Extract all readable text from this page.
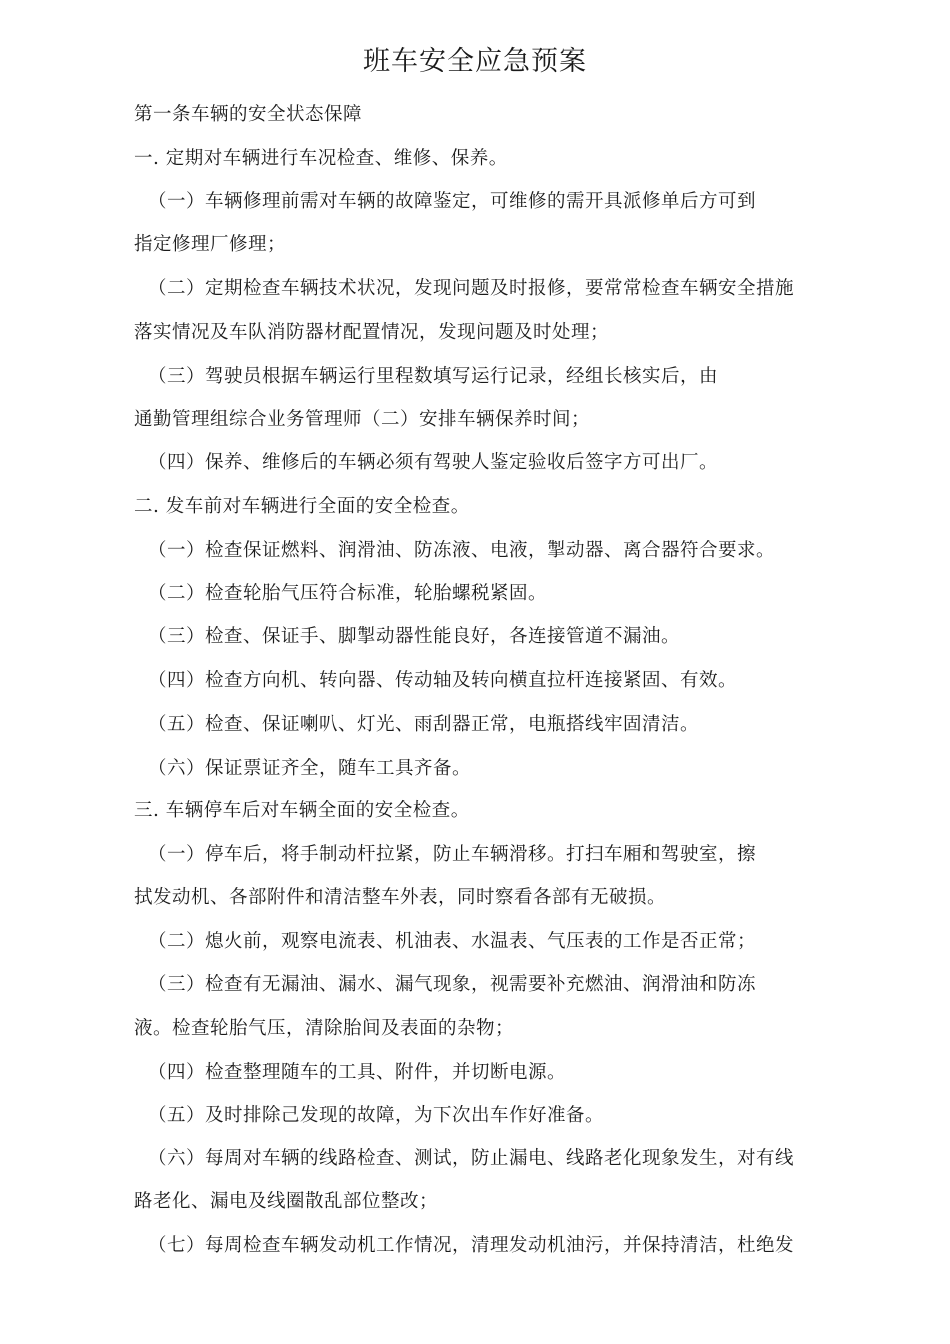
班车安全应急预案
第一条车辆的安全状态保障
一. 定期对车辆进行车况检查、维修、保养。
（一）车辆修理前需对车辆的故障鉴定，可维修的需开具派修单后方可到
指定修理厂修理；
（二）定期检查车辆技术状况，发现问题及时报修，要常常检查车辆安全措施
落实情况及车队消防器材配置情况，发现问题及时处理；
（三）驾驶员根据车辆运行里程数填写运行记录，经组长核实后，由
通勤管理组综合业务管理师（二）安排车辆保养时间；
（四）保养、维修后的车辆必须有驾驶人鉴定验收后签字方可出厂。
二. 发车前对车辆进行全面的安全检查。
（一）检查保证燃料、润滑油、防冻液、电液，掣动器、离合器符合要求。
（二）检查轮胎气压符合标准，轮胎螺税紧固。
（三）检查、保证手、脚掣动器性能良好，各连接管道不漏油。
（四）检查方向机、转向器、传动轴及转向横直拉杆连接紧固、有效。
（五）检查、保证喇叭、灯光、雨刮器正常，电瓶搭线牢固清洁。
（六）保证票证齐全，随车工具齐备。
三. 车辆停车后对车辆全面的安全检查。
（一）停车后，将手制动杆拉紧，防止车辆滑移。打扫车厢和驾驶室，擦
拭发动机、各部附件和清洁整车外表，同时察看各部有无破损。
（二）熄火前，观察电流表、机油表、水温表、气压表的工作是否正常；
（三）检查有无漏油、漏水、漏气现象，视需要补充燃油、润滑油和防冻
液。检查轮胎气压，清除胎间及表面的杂物；
（四）检查整理随车的工具、附件，并切断电源。
（五）及时排除己发现的故障，为下次出车作好准备。
（六）每周对车辆的线路检查、测试，防止漏电、线路老化现象发生，对有线
路老化、漏电及线圈散乱部位整改；
（七）每周检查车辆发动机工作情况，清理发动机油污，并保持清洁，杜绝发
